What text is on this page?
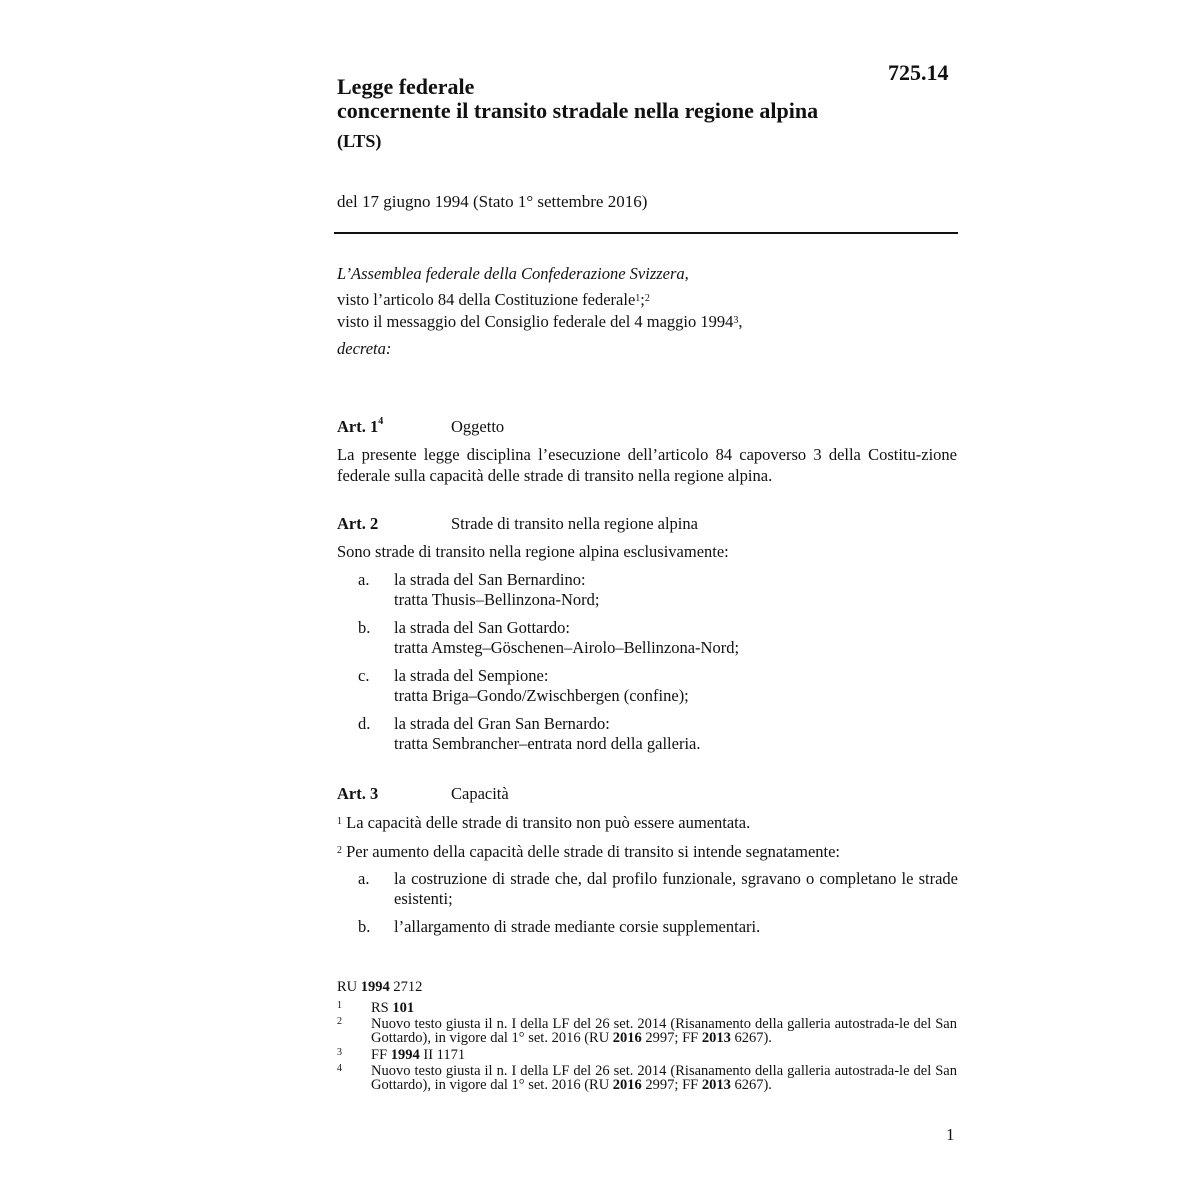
725.14
Legge federale
concernente il transito stradale nella regione alpina
(LTS)
del 17 giugno 1994 (Stato 1° settembre 2016)
L’Assemblea federale della Confederazione Svizzera,
visto l’articolo 84 della Costituzione federale$^1$;$^2$
visto il messaggio del Consiglio federale del 4 maggio 1994$^3$,
decreta:
Art. $1^4$	Oggetto
La presente legge disciplina l’esecuzione dell’articolo 84 capoverso 3 della Costitu-zione federale sulla capacità delle strade di transito nella regione alpina.
Art. 2	Strade di transito nella regione alpina
Sono strade di transito nella regione alpina esclusivamente:
a. la strada del San Bernardino:
tratta Thusis–Bellinzona-Nord;
b. la strada del San Gottardo:
tratta Amsteg–Göschenen–Airolo–Bellinzona-Nord;
c. la strada del Sempione:
tratta Briga–Gondo/Zwischbergen (confine);
d. la strada del Gran San Bernardo:
tratta Sembrancher–entrata nord della galleria.
Art. 3	Capacità
$^1$ La capacità delle strade di transito non può essere aumentata.
$^2$ Per aumento della capacità delle strade di transito si intende segnatamente:
a. la costruzione di strade che, dal profilo funzionale, sgravano o completano le strade esistenti;
b. l’allargamento di strade mediante corsie supplementari.
RU 1994 2712
1 RS 101
2 Nuovo testo giusta il n. I della LF del 26 set. 2014 (Risanamento della galleria autostrada-le del San Gottardo), in vigore dal 1° set. 2016 (RU 2016 2997; FF 2013 6267).
3 FF 1994 II 1171
4 Nuovo testo giusta il n. I della LF del 26 set. 2014 (Risanamento della galleria autostrada-le del San Gottardo), in vigore dal 1° set. 2016 (RU 2016 2997; FF 2013 6267).
1
